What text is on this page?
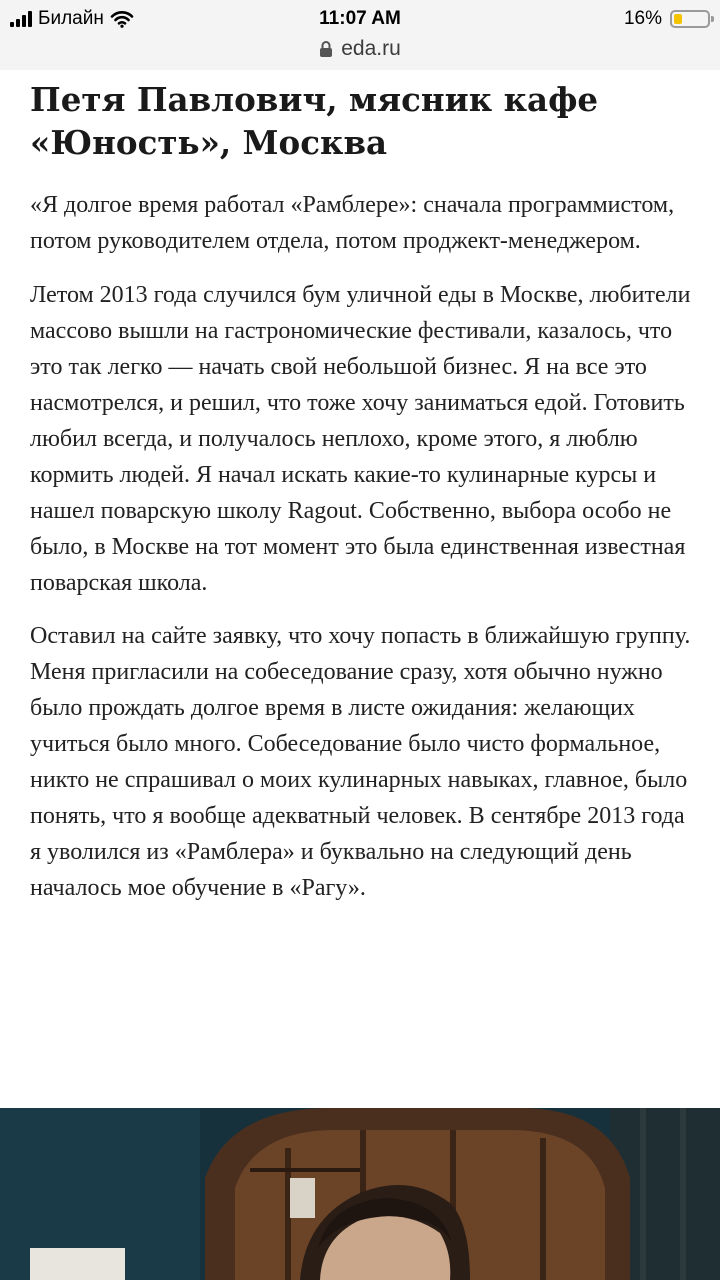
Билайн	11:07 AM	16%
eda.ru
Петя Павлович, мясник кафе «Юность», Москва

«Я долгое время работал «Рамблере»: сначала программистом, потом руководителем отдела, потом проджект-менеджером.

Летом 2013 года случился бум уличной еды в Москве, любители массово вышли на гастрономические фестивали, казалось, что это так легко — начать свой небольшой бизнес. Я на все это насмотрелся, и решил, что тоже хочу заниматься едой. Готовить любил всегда, и получалось неплохо, кроме этого, я люблю кормить людей. Я начал искать какие-то кулинарные курсы и нашел поварскую школу Ragout. Собственно, выбора особо не было, в Москве на тот момент это была единственная известная поварская школа.

Оставил на сайте заявку, что хочу попасть в ближайшую группу. Меня пригласили на собеседование сразу, хотя обычно нужно было прождать долгое время в листе ожидания: желающих учиться было много. Собеседование было чисто формальное, никто не спрашивал о моих кулинарных навыках, главное, было понять, что я вообще адекватный человек. В сентябре 2013 года я уволился из «Рамблера» и буквально на следующий день началось мое обучение в «Рагу».
